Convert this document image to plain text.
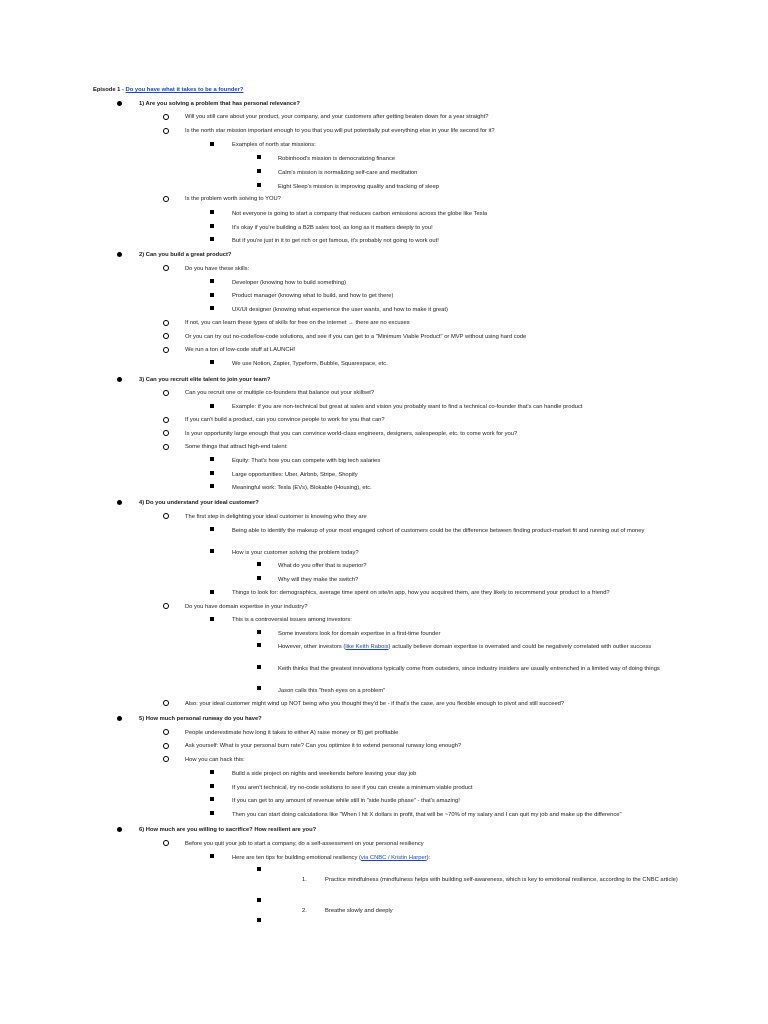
Episode 1 - Do you have what it takes to be a founder?
1) Are you solving a problem that has personal relevance?
Will you still care about your product, your company, and your customers after getting beaten down for a year straight?
Is the north star mission important enough to you that you will put potentially put everything else in your life second for it?
Examples of north star missions:
Robinhood's mission is democratizing finance
Calm's mission is normalizing self-care and meditation
Eight Sleep's mission is improving quality and tracking of sleep
Is the problem worth solving to YOU?
Not everyone is going to start a company that reduces carbon emissions across the globe like Tesla
It's okay if you're building a B2B sales tool, as long as it matters deeply to you!
But if you're just in it to get rich or get famous, it's probably not going to work out!
2) Can you build a great product?
Do you have these skills:
Developer (knowing how to build something)
Product manager (knowing what to build, and how to get there)
UX/UI designer (knowing what experience the user wants, and how to make it great)
If not, you can learn these types of skills for free on the internet → there are no excuses
Or you can try out no-code/low-code solutions, and see if you can get to a "Minimum Viable Product" or MVP without using hard code
We run a ton of low-code stuff at LAUNCH!
We use Notion, Zapier, Typeform, Bubble, Squarespace, etc.
3) Can you recruit elite talent to join your team?
Can you recruit one or multiple co-founders that balance out your skillset?
Example: if you are non-technical but great at sales and vision you probably want to find a technical co-founder that's can handle product
If you can't build a product, can you convince people to work for you that can?
Is your opportunity large enough that you can convince world-class engineers, designers, salespeople, etc. to come work for you?
Some things that attract high-end talent:
Equity: That's how you can compete with big tech salaries
Large opportunities: Uber, Airbnb, Stripe, Shopify
Meaningful work: Tesla (EVs), Blokable (Housing), etc.
4) Do you understand your ideal customer?
The first step in delighting your ideal customer is knowing who they are
Being able to identify the makeup of your most engaged cohort of customers could be the difference between finding product-market fit and running out of money
How is your customer solving the problem today?
What do you offer that is superior?
Why will they make the switch?
Things to look for: demographics, average time spent on site/in app, how you acquired them, are they likely to recommend your product to a friend?
Do you have domain expertise in your industry?
This is a controversial issues among investors:
Some investors look for domain expertise in a first-time founder
However, other investors (like Keith Rabois) actually believe domain expertise is overrated and could be negatively correlated with outlier success
Keith thinks that the greatest innovations typically come from outsiders, since industry insiders are usually entrenched in a limited way of doing things
Jason calls this "fresh eyes on a problem"
Also: your ideal customer might wind up NOT being who you thought they'd be - if that's the case, are you flexible enough to pivot and still succeed?
5) How much personal runway do you have?
People underestimate how long it takes to either A) raise money or B) get profitable
Ask yourself: What is your personal burn rate? Can you optimize it to extend personal runway long enough?
How you can hack this:
Build a side project on nights and weekends before leaving your day job
If you aren't technical, try no-code solutions to see if you can create a minimum viable product
If you can get to any amount of revenue while still in "side hustle phase" - that's amazing!
Then you can start doing calculations like "When I hit X dollars in profit, that will be ~70% of my salary and I can quit my job and make up the difference"
6) How much are you willing to sacrifice? How resilient are you?
Before you quit your job to start a company, do a self-assessment on your personal resiliency
Here are ten tips for building emotional resiliency (via CNBC / Kristin Harper):
1.	Practice mindfulness (mindfulness helps with building self-awareness, which is key to emotional resilience, according to the CNBC article)
2.	Breathe slowly and deeply
